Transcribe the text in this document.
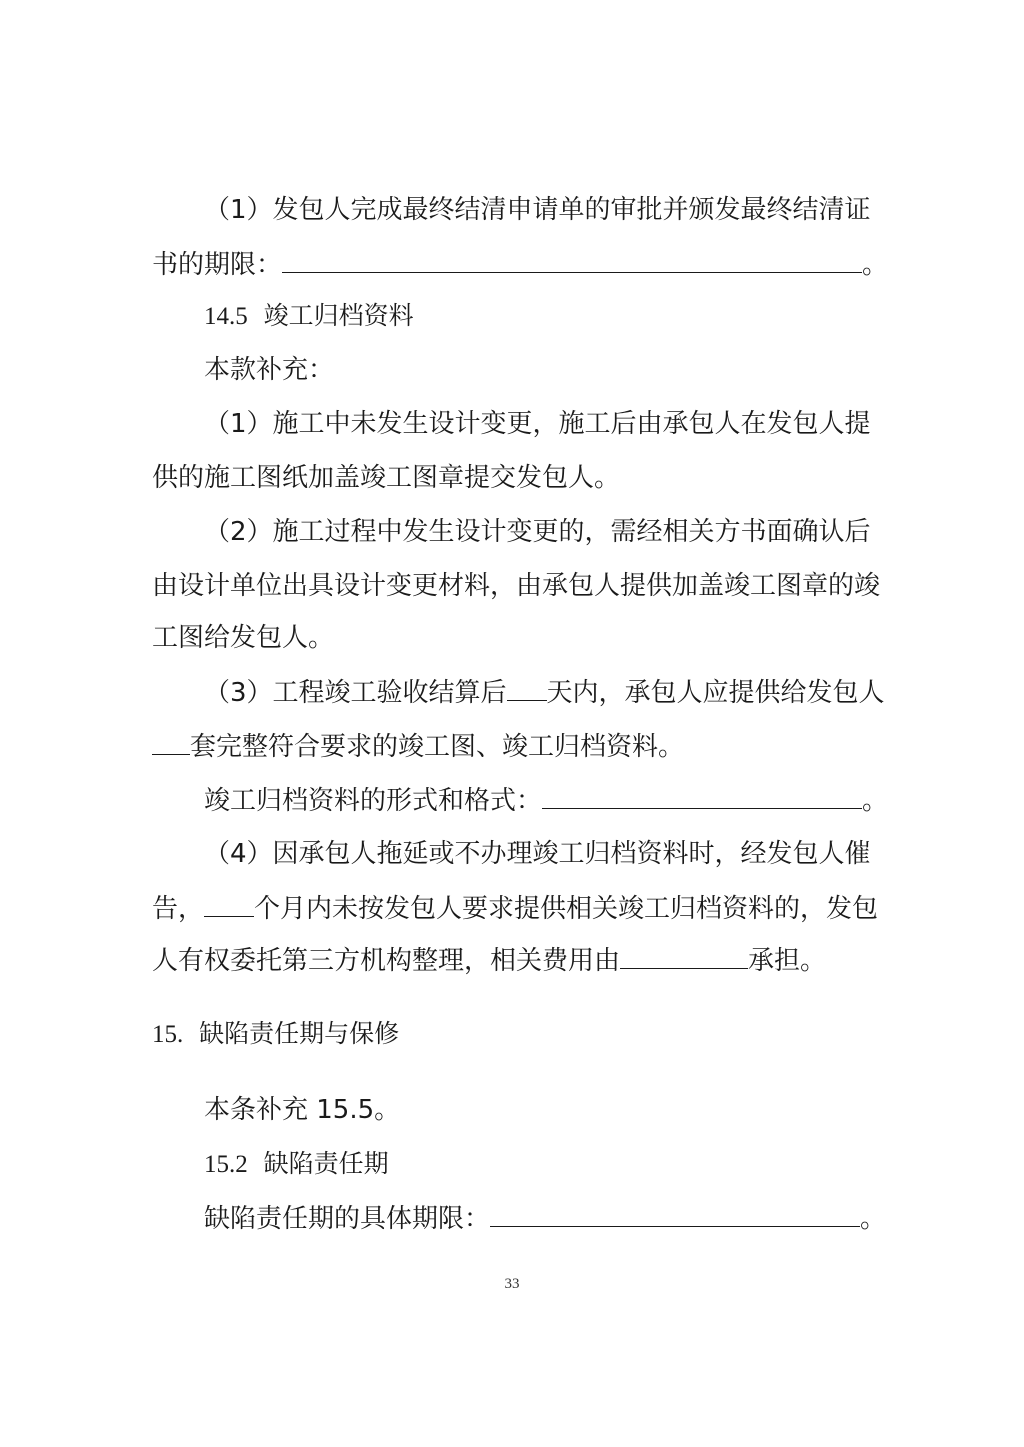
（1）发包人完成最终结清申请单的审批并颁发最终结清证
书的期限：	。
14.5 竣工归档资料
本款补充：
（1）施工中未发生设计变更，施工后由承包人在发包人提
供的施工图纸加盖竣工图章提交发包人。
（2）施工过程中发生设计变更的，需经相关方书面确认后
由设计单位出具设计变更材料，由承包人提供加盖竣工图章的竣
工图给发包人。
（3）工程竣工验收结算后 天内，承包人应提供给发包人
套完整符合要求的竣工图、竣工归档资料。
竣工归档资料的形式和格式：	。
（4）因承包人拖延或不办理竣工归档资料时，经发包人催
告， 个月内未按发包人要求提供相关竣工归档资料的，发包
人有权委托第三方机构整理，相关费用由	承担。
15. 缺陷责任期与保修
本条补充 15.5。
15.2 缺陷责任期
缺陷责任期的具体期限：	。
33
